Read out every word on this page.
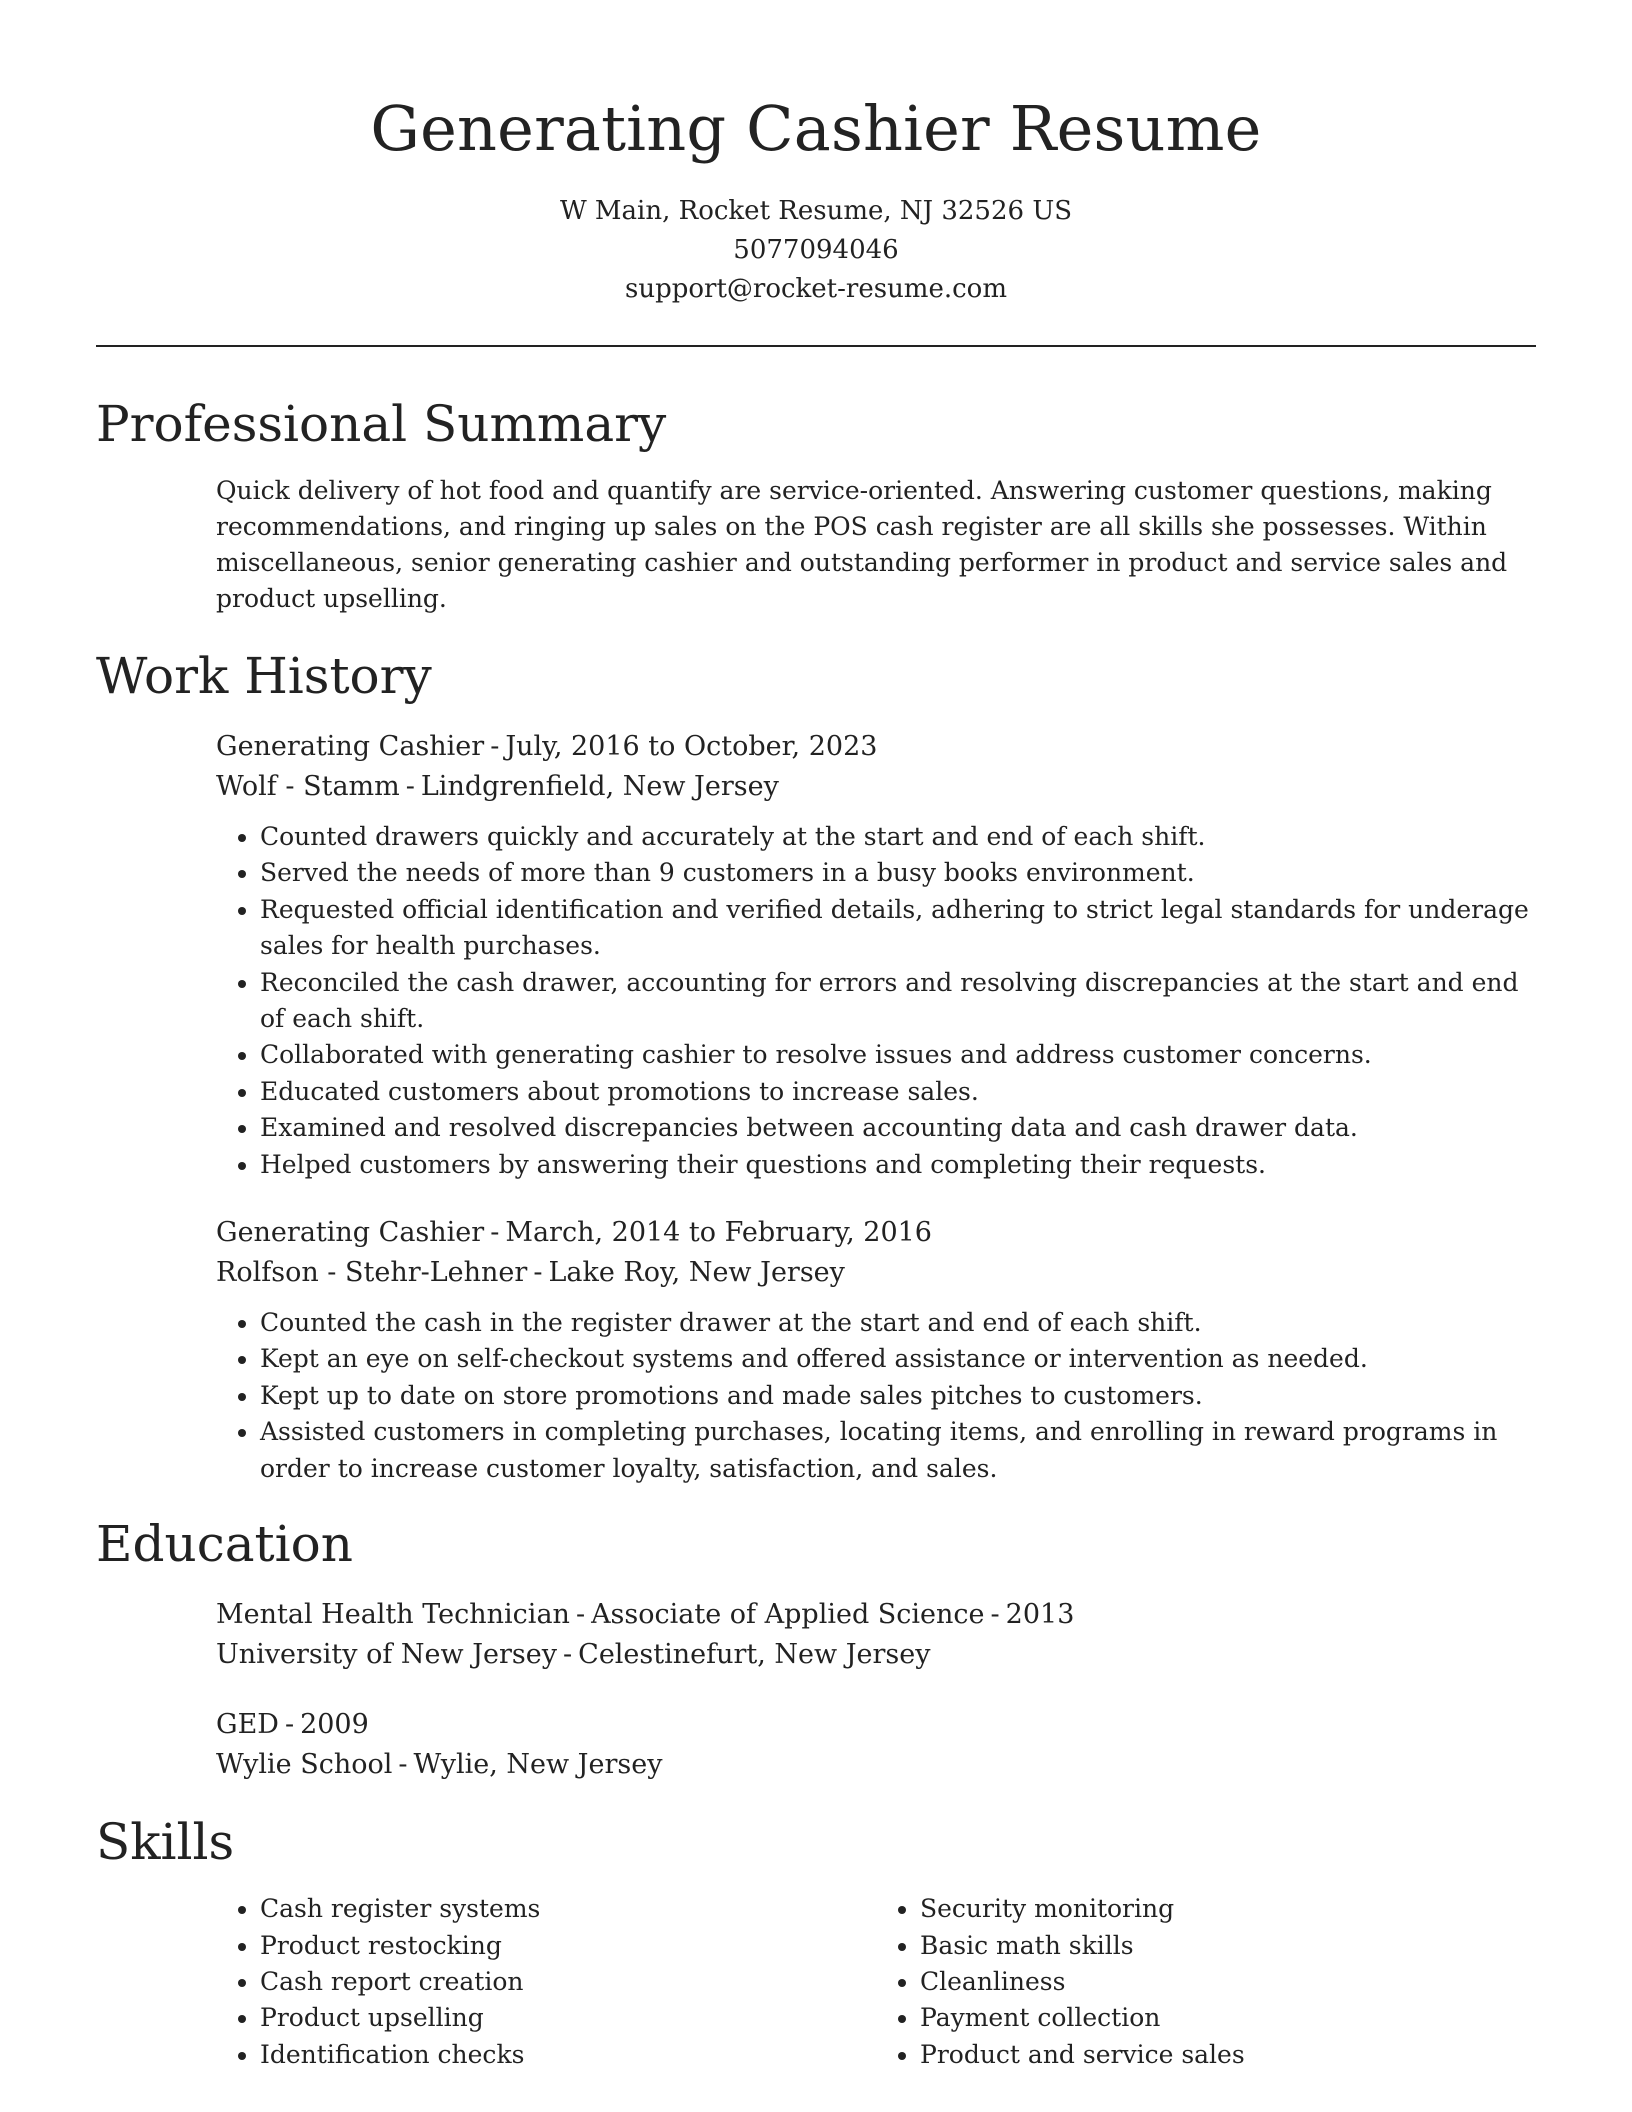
Generating Cashier Resume
W Main, Rocket Resume, NJ 32526 US
5077094046
support@rocket-resume.com
Professional Summary

Quick delivery of hot food and quantify are service-oriented. Answering customer questions, making recommendations, and ringing up sales on the POS cash register are all skills she possesses. Within miscellaneous, senior generating cashier and outstanding performer in product and service sales and product upselling.

Work History
Generating Cashier - July, 2016 to October, 2023
Wolf - Stamm - Lindgrenfield, New Jersey
• Counted drawers quickly and accurately at the start and end of each shift.
• Served the needs of more than 9 customers in a busy books environment.
• Requested official identification and verified details, adhering to strict legal standards for underage sales for health purchases.
• Reconciled the cash drawer, accounting for errors and resolving discrepancies at the start and end of each shift.
• Collaborated with generating cashier to resolve issues and address customer concerns.
• Educated customers about promotions to increase sales.
• Examined and resolved discrepancies between accounting data and cash drawer data.
• Helped customers by answering their questions and completing their requests.
Generating Cashier - March, 2014 to February, 2016
Rolfson - Stehr-Lehner - Lake Roy, New Jersey
• Counted the cash in the register drawer at the start and end of each shift.
• Kept an eye on self-checkout systems and offered assistance or intervention as needed.
• Kept up to date on store promotions and made sales pitches to customers.
• Assisted customers in completing purchases, locating items, and enrolling in reward programs in order to increase customer loyalty, satisfaction, and sales.
Education
Mental Health Technician - Associate of Applied Science - 2013
University of New Jersey - Celestinefurt, New Jersey
GED - 2009
Wylie School - Wylie, New Jersey
Skills
• Cash register systems
• Product restocking
• Cash report creation
• Product upselling
• Identification checks
• Security monitoring
• Basic math skills
• Cleanliness
• Payment collection
• Product and service sales
